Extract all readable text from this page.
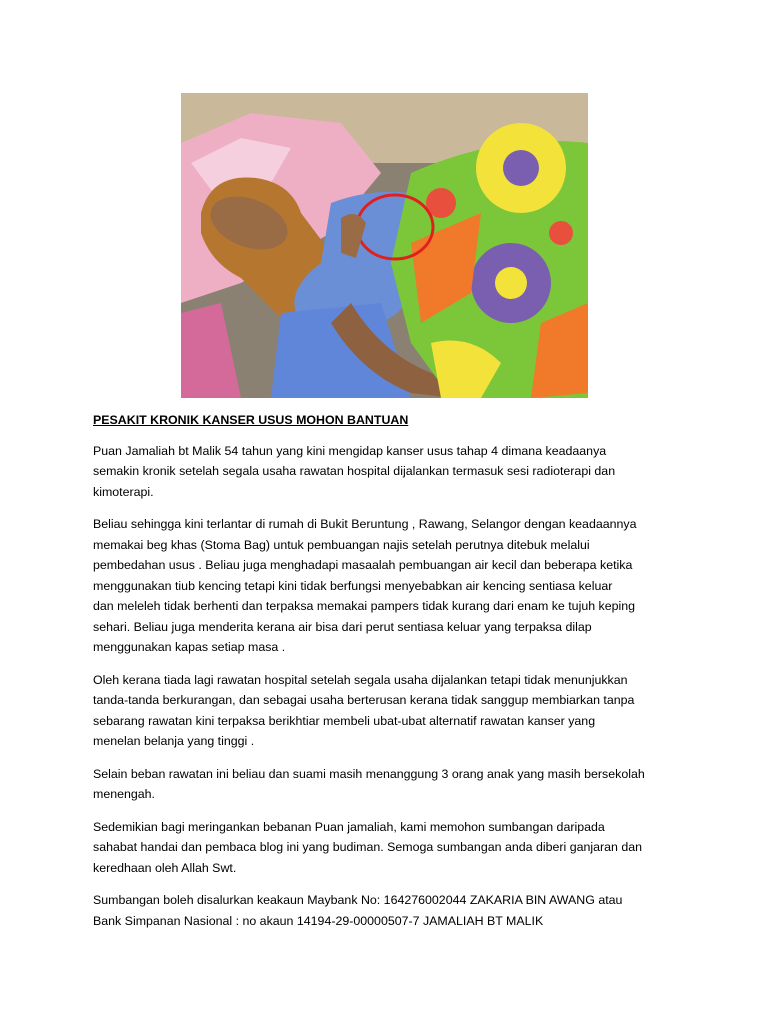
PESAKIT KRONIK KANSER USUS MOHON BANTUAN
Puan Jamaliah bt Malik 54 tahun yang kini mengidap kanser usus tahap 4 dimana keadaanya
semakin kronik setelah segala usaha rawatan hospital dijalankan termasuk sesi radioterapi dan
kimoterapi.
Beliau sehingga kini terlantar di rumah di Bukit Beruntung , Rawang, Selangor dengan keadaannya
memakai beg khas (Stoma Bag) untuk pembuangan najis setelah perutnya ditebuk melalui
pembedahan usus . Beliau juga menghadapi masaalah pembuangan air kecil dan beberapa ketika
menggunakan tiub kencing tetapi kini tidak berfungsi menyebabkan air kencing sentiasa keluar
dan meleleh tidak berhenti dan terpaksa memakai pampers tidak kurang dari enam ke tujuh keping
sehari. Beliau juga menderita kerana air bisa dari perut sentiasa keluar yang terpaksa dilap
menggunakan kapas setiap masa .
Oleh kerana tiada lagi rawatan hospital setelah segala usaha dijalankan tetapi tidak menunjukkan
tanda-tanda berkurangan, dan sebagai usaha berterusan kerana tidak sanggup membiarkan tanpa
sebarang rawatan kini terpaksa berikhtiar membeli ubat-ubat alternatif rawatan kanser yang
menelan belanja yang tinggi .
Selain beban rawatan ini beliau dan suami masih menanggung 3 orang anak yang masih bersekolah
menengah.
Sedemikian bagi meringankan bebanan Puan jamaliah, kami memohon sumbangan daripada
sahabat handai dan pembaca blog ini yang budiman. Semoga sumbangan anda diberi ganjaran dan
keredhaan oleh Allah Swt.
Sumbangan boleh disalurkan keakaun Maybank No: 164276002044 ZAKARIA BIN AWANG atau
Bank Simpanan Nasional : no akaun 14194-29-00000507-7 JAMALIAH BT MALIK
